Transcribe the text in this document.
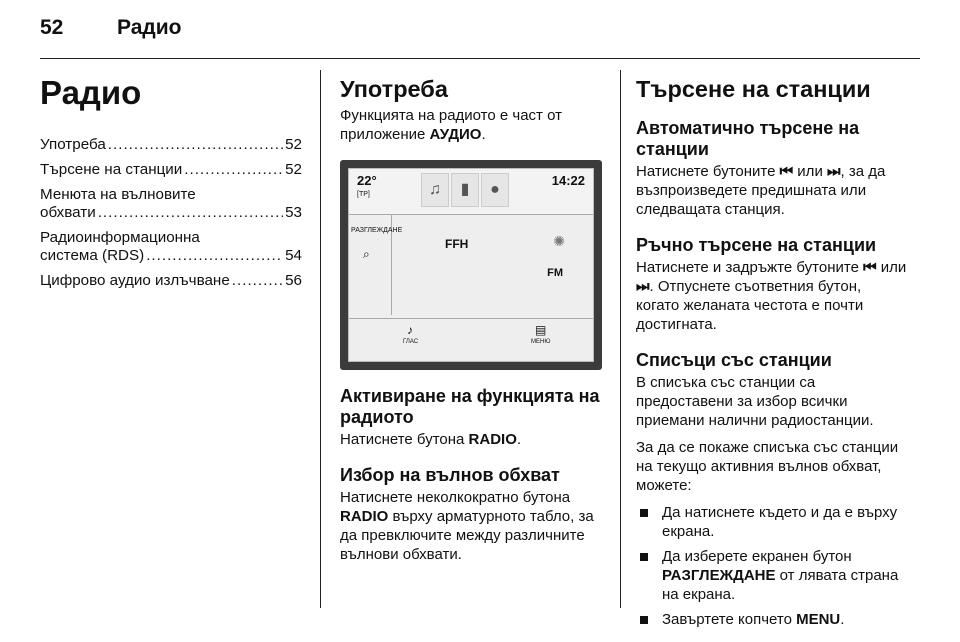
52	Радио
Радио
Употреба .....	52
Търсене на станции .....	52
Менюта на вълновите
обхвати .....	53
Радиоинформационна
система (RDS) .....	54
Цифрово аудио излъчване .....	56
Употреба

Функцията на радиото е част от приложение АУДИО.

22°
[TP]	♫	▮	●
14:22
РАЗГЛЕЖДАНЕ
⌕
FFH	✺
FM
♪
ГЛАС
▤
МЕНЮ
Активиране на функцията на радиото

Натиснете бутона RADIO.

Избор на вълнов обхват

Натиснете неколкократно бутона RADIO върху арматурното табло, за да превключите между различните вълнови обхвати.

Търсене на станции
Автоматично търсене на станции

Натиснете бутоните ⏮ или ⏭, за да възпроизведете предишната или следващата станция.

Ръчно търсене на станции

Натиснете и задръжте бутоните ⏮ или ⏭. Отпуснете съответния бутон, когато желаната честота е почти достигната.

Списъци със станции

В списъка със станции са предоставени за избор всички приемани налични радиостанции.

За да се покаже списъка със станции на текущо активния вълнов обхват, можете:

Да натиснете където и да е върху екрана.
Да изберете екранен бутон РАЗГЛЕЖДАНЕ от лявата страна на екрана.
Завъртете копчето MENU.
